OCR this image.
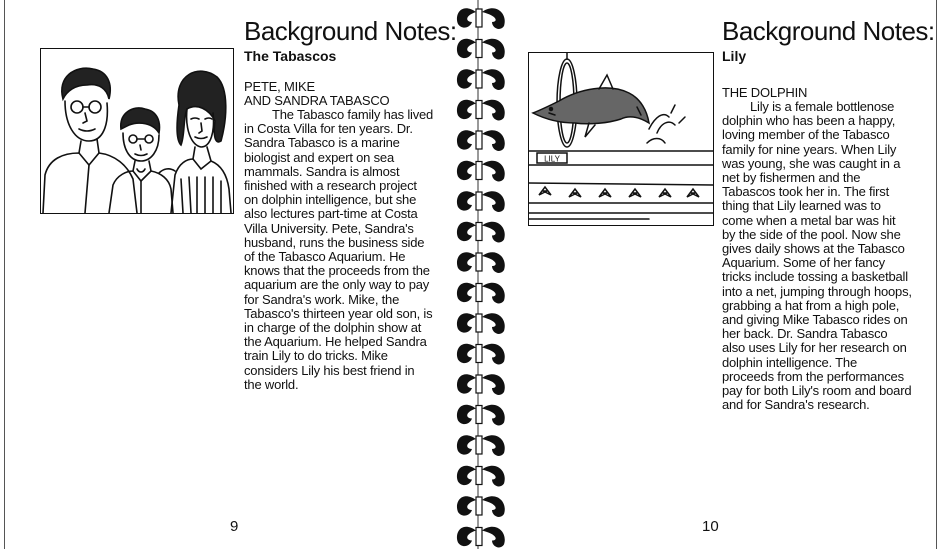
Background Notes:
The Tabascos
PETE, MIKE
AND SANDRA TABASCO

The Tabasco family has lived in Costa Villa for ten years. Dr. Sandra Tabasco is a marine biologist and expert on sea mammals. Sandra is almost finished with a research project on dolphin intelligence, but she also lectures part-time at Costa Villa University. Pete, Sandra's husband, runs the business side of the Tabasco Aquarium. He knows that the proceeds from the aquarium are the only way to pay for Sandra's work. Mike, the Tabasco's thirteen year old son, is in charge of the dolphin show at the Aquarium. He helped Sandra train Lily to do tricks. Mike considers Lily his best friend in the world.

9
Background Notes:
Lily
LILY
THE DOLPHIN

Lily is a female bottlenose dolphin who has been a happy, loving member of the Tabasco family for nine years. When Lily was young, she was caught in a net by fishermen and the Tabascos took her in. The first thing that Lily learned was to come when a metal bar was hit by the side of the pool. Now she gives daily shows at the Tabasco Aquarium. Some of her fancy tricks include tossing a basketball into a net, jumping through hoops, grabbing a hat from a high pole, and giving Mike Tabasco rides on her back. Dr. Sandra Tabasco also uses Lily for her research on dolphin intelligence. The proceeds from the performances pay for both Lily's room and board and for Sandra's research.

10
